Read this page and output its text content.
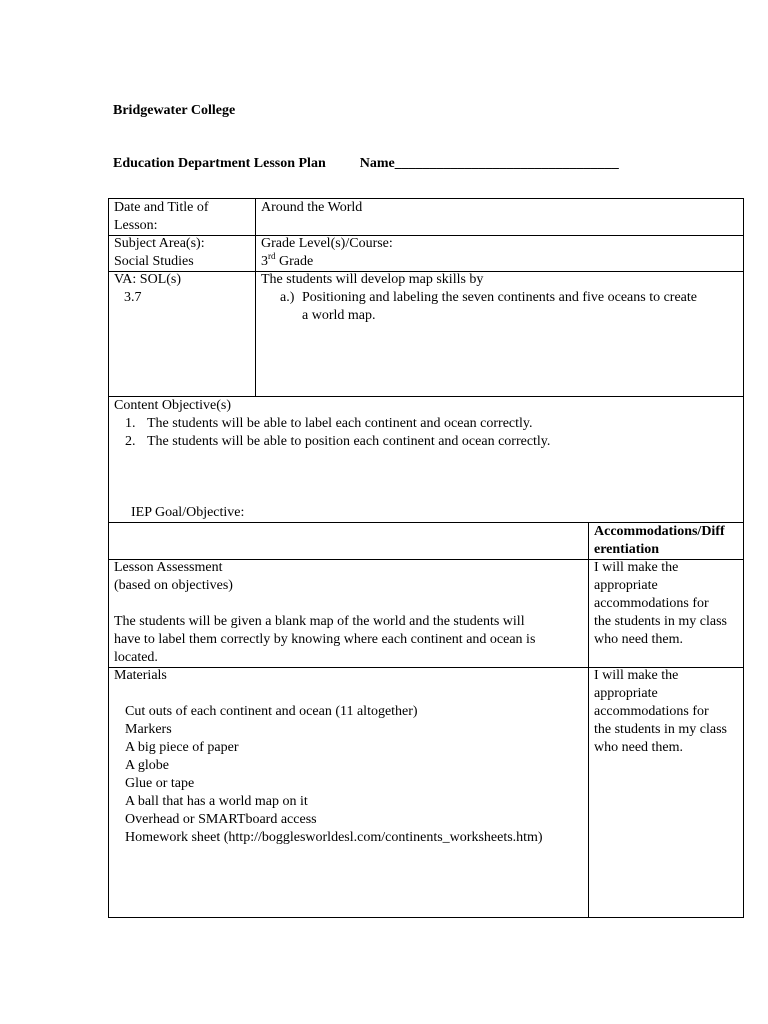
Bridgewater College
Education Department Lesson Plan Name________________________________
Date and Title of
Lesson:
Around the World
Subject Area(s):
Social Studies
Grade Level(s)/Course:
3rd Grade
VA: SOL(s)
3.7
The students will develop map skills by
a.) Positioning and labeling the seven continents and five oceans to create
a world map.
Content Objective(s)
1. The students will be able to label each continent and ocean correctly.
2. The students will be able to position each continent and ocean correctly.
IEP Goal/Objective:
Accommodations/Diff
erentiation
Lesson Assessment
(based on objectives)

The students will be given a blank map of the world and the students will
have to label them correctly by knowing where each continent and ocean is
located.
I will make the
appropriate
accommodations for
the students in my class
who need them.
Materials

Cut outs of each continent and ocean (11 altogether)
Markers
A big piece of paper
A globe
Glue or tape
A ball that has a world map on it
Overhead or SMARTboard access
Homework sheet (http://bogglesworldesl.com/continents_worksheets.htm)
I will make the
appropriate
accommodations for
the students in my class
who need them.
